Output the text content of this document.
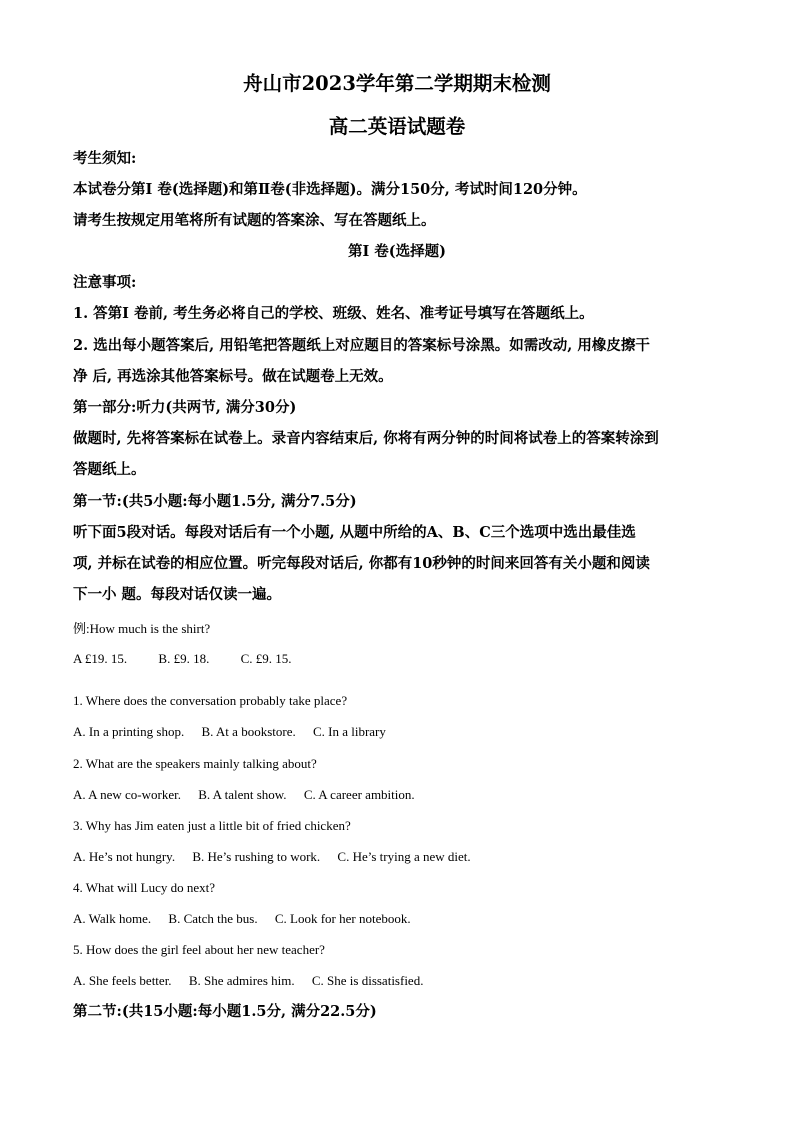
舟山市2023学年第二学期期末检测
高二英语试题卷
考生须知:
本试卷分第Ⅰ 卷(选择题)和第Ⅱ卷(非选择题)。满分150分, 考试时间120分钟。
请考生按规定用笔将所有试题的答案涂、写在答题纸上。
第Ⅰ 卷(选择题)
注意事项:
1. 答第Ⅰ 卷前, 考生务必将自己的学校、班级、姓名、准考证号填写在答题纸上。
2. 选出每小题答案后, 用铅笔把答题纸上对应题目的答案标号涂黑。如需改动, 用橡皮擦干
净 后, 再选涂其他答案标号。做在试题卷上无效。
第一部分:听力(共两节, 满分30分)
做题时, 先将答案标在试卷上。录音内容结束后, 你将有两分钟的时间将试卷上的答案转涂到
答题纸上。
第一节:(共5小题:每小题1.5分, 满分7.5分)
听下面5段对话。每段对话后有一个小题, 从题中所给的A、B、C三个选项中选出最佳选
项, 并标在试卷的相应位置。听完每段对话后, 你都有10秒钟的时间来回答有关小题和阅读
下一小 题。每段对话仅读一遍。
例:How much is the shirt?
A £19. 15. B. £9. 18. C. £9. 15.
1. Where does the conversation probably take place?
A. In a printing shop. B. At a bookstore. C. In a library
2. What are the speakers mainly talking about?
A. A new co-worker. B. A talent show. C. A career ambition.
3. Why has Jim eaten just a little bit of fried chicken?
A. He’s not hungry. B. He’s rushing to work. C. He’s trying a new diet.
4. What will Lucy do next?
A. Walk home. B. Catch the bus. C. Look for her notebook.
5. How does the girl feel about her new teacher?
A. She feels better. B. She admires him. C. She is dissatisfied.
第二节:(共15小题:每小题1.5分, 满分22.5分)
